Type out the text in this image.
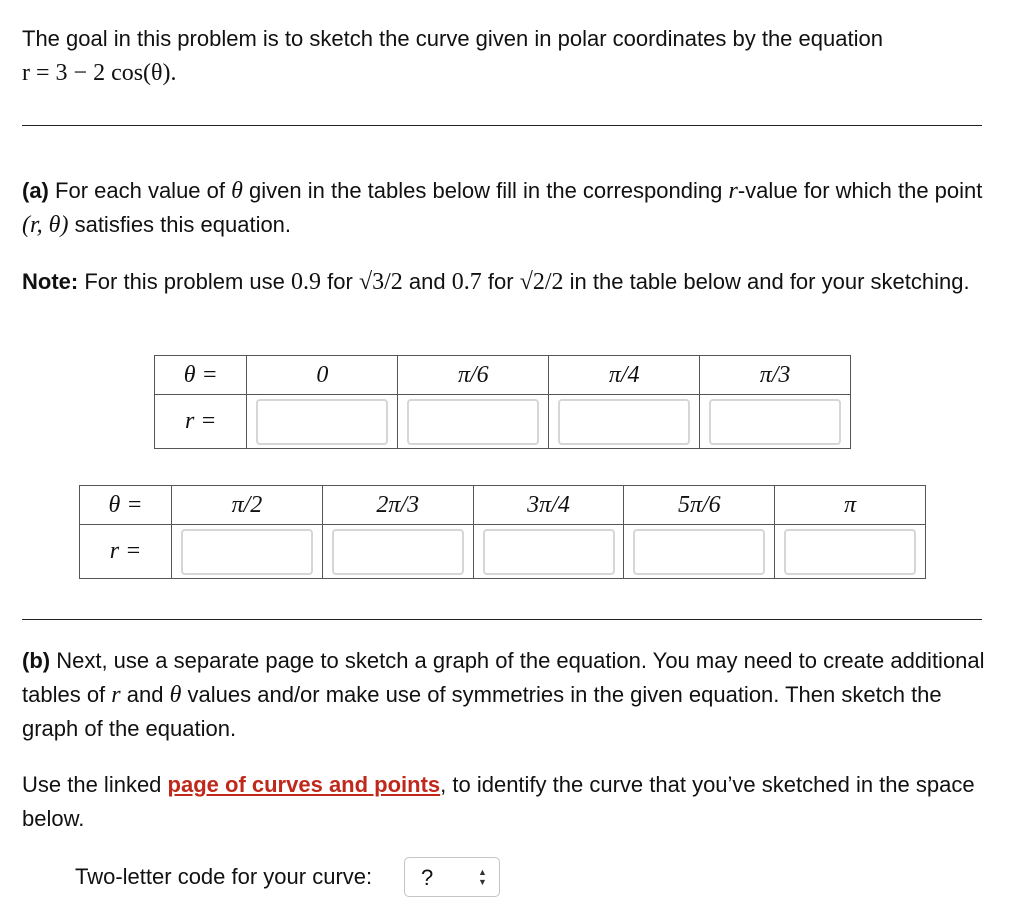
The goal in this problem is to sketch the curve given in polar coordinates by the equation
r = 3 − 2 cos(θ).
(a) For each value of θ given in the tables below fill in the corresponding r-value for which the point (r, θ) satisfies this equation.
Note: For this problem use 0.9 for √3/2 and 0.7 for √2/2 in the table below and for your sketching.
θ =	0	π/6	π/4	π/3
r =	

θ =	π/2	2π/3	3π/4	5π/6	π
r =	

(b) Next, use a separate page to sketch a graph of the equation. You may need to create additional tables of r and θ values and/or make use of symmetries in the given equation. Then sketch the graph of the equation.
Use the linked page of curves and points, to identify the curve that you’ve sketched in the space below.
Two-letter code for your curve: ?	▲
▼
